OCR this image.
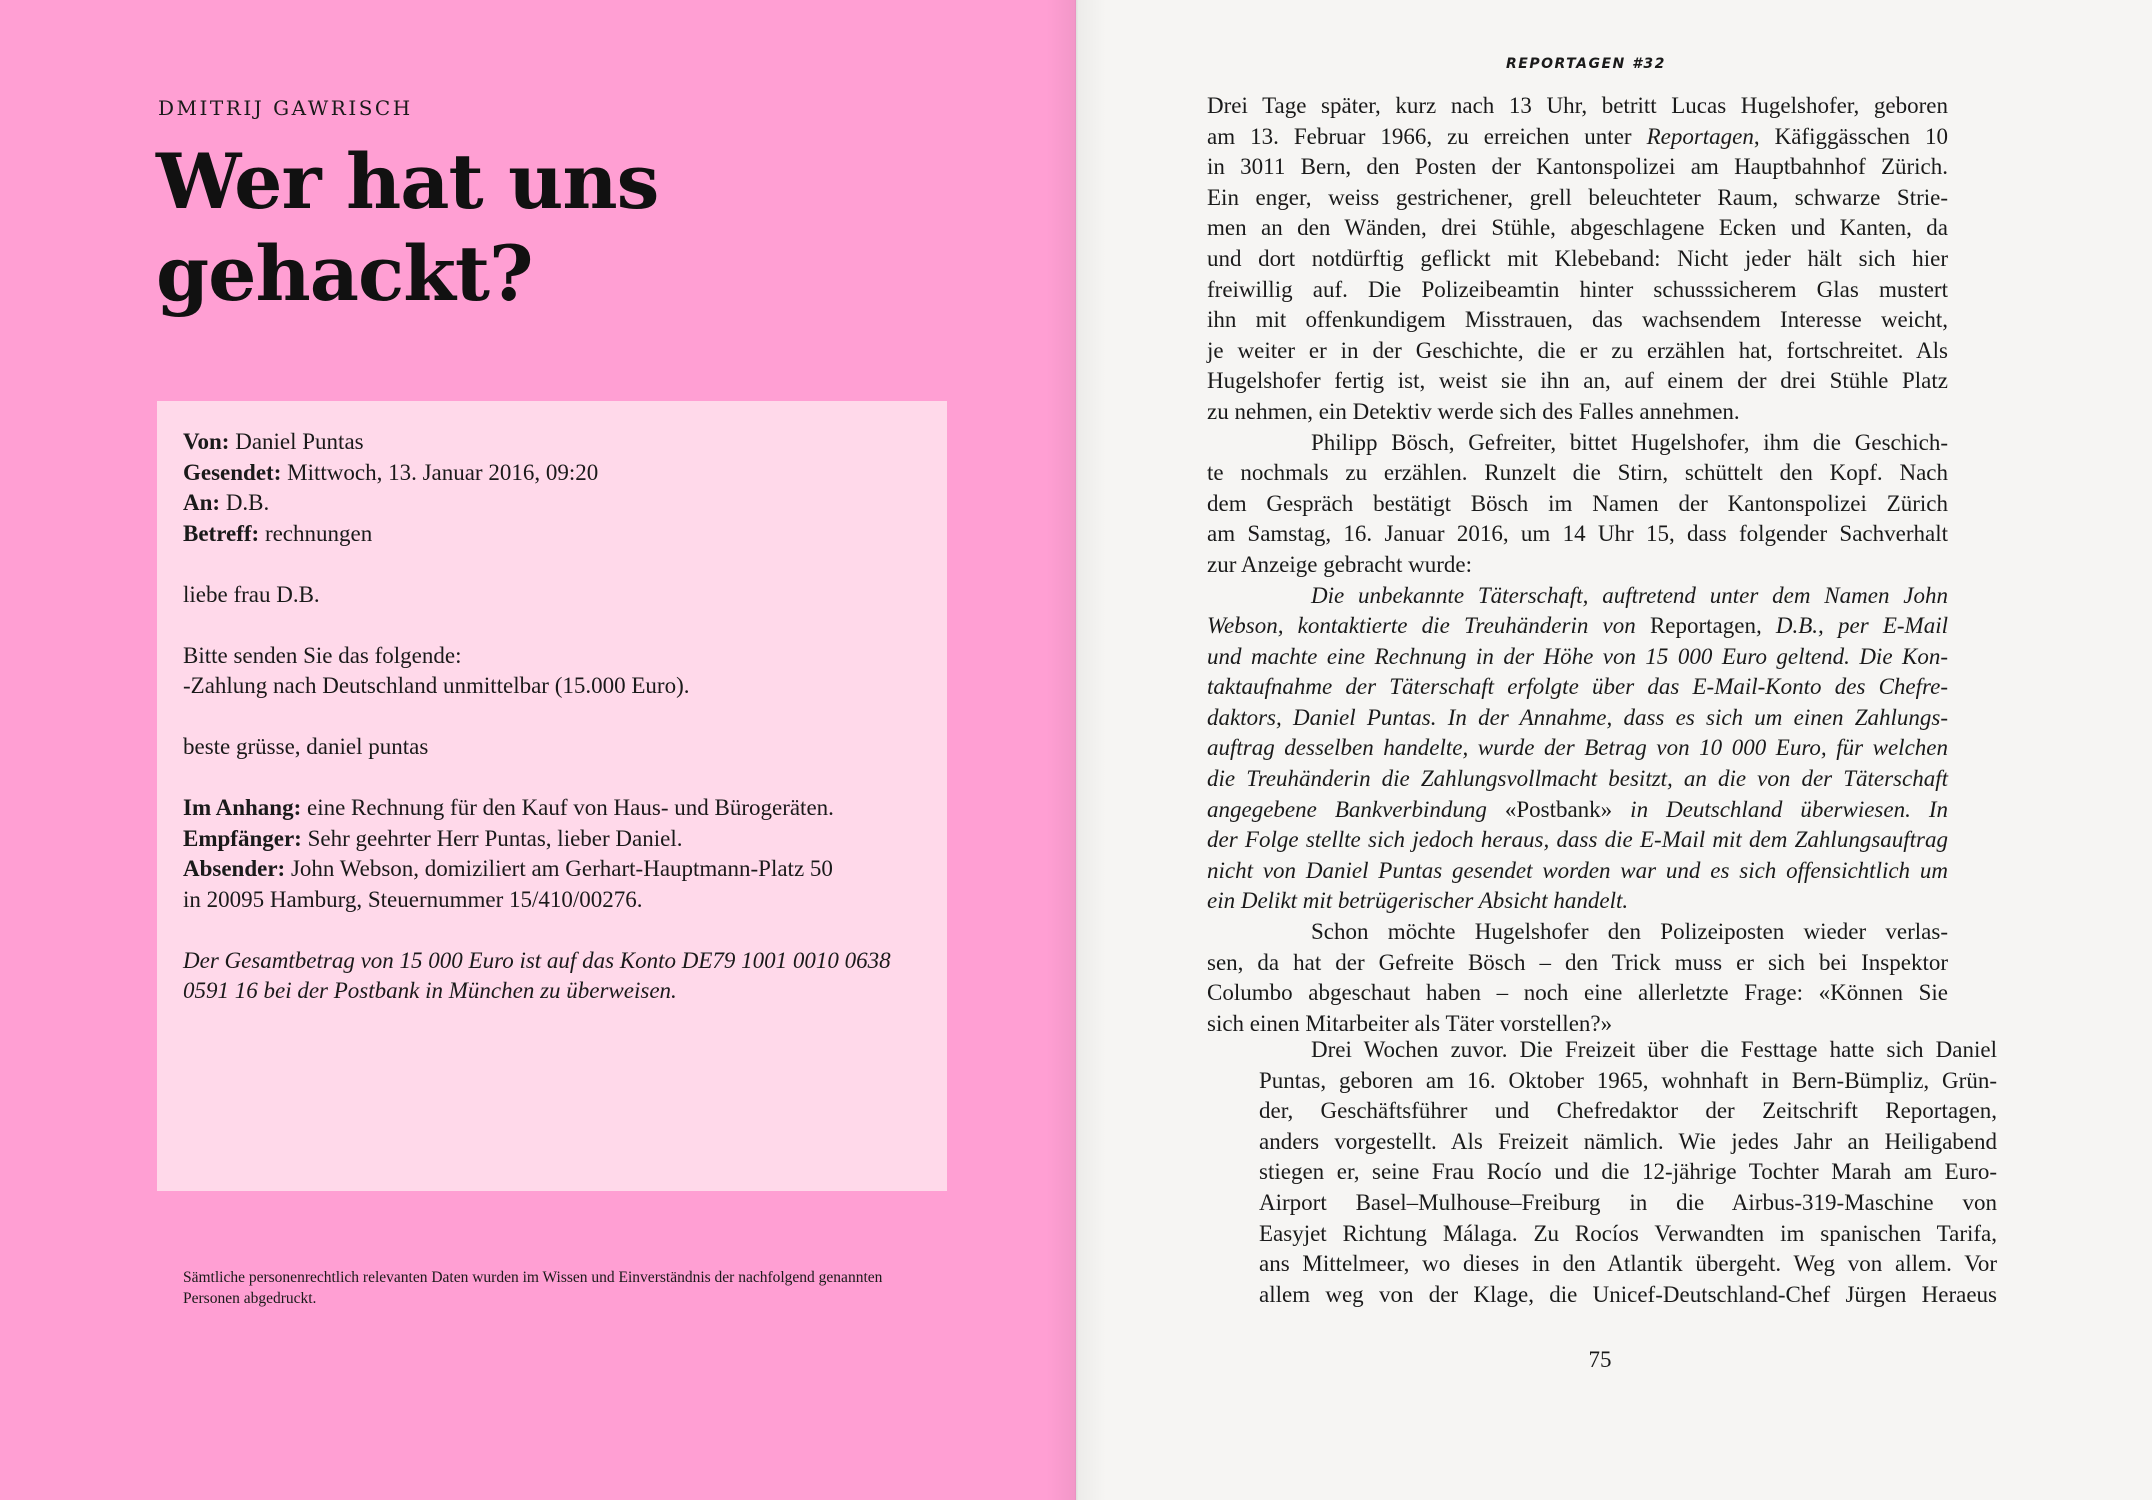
DMITRIJ GAWRISCH
Wer hat uns
gehackt?
Von: Daniel Puntas
Gesendet: Mittwoch, 13. Januar 2016, 09:20
An: D.B.
Betreff: rechnungen
liebe frau D.B.
Bitte senden Sie das folgende:
-Zahlung nach Deutschland unmittelbar (15.000 Euro).
beste grüsse, daniel puntas
Im Anhang: eine Rechnung für den Kauf von Haus- und Bürogeräten.
Empfänger: Sehr geehrter Herr Puntas, lieber Daniel.
Absender: John Webson, domiziliert am Gerhart-Hauptmann-Platz 50
in 20095 Hamburg, Steuernummer 15/410/00276.
Der Gesamtbetrag von 15 000 Euro ist auf das Konto DE79 1001 0010 0638 0591 16 bei der Postbank in München zu überweisen.
Sämtliche personenrechtlich relevanten Daten wurden im Wissen und Einverständnis der nachfolgend genannten Personen abgedruckt.
REPORTAGEN #32
Drei Tage später, kurz nach 13 Uhr, betritt Lucas Hugelshofer, geboren
am 13. Februar 1966, zu erreichen unter Reportagen, Käfiggässchen 10
in 3011 Bern, den Posten der Kantonspolizei am Hauptbahnhof Zürich.
Ein enger, weiss gestrichener, grell beleuchteter Raum, schwarze Strie-
men an den Wänden, drei Stühle, abgeschlagene Ecken und Kanten, da
und dort notdürftig geflickt mit Klebeband: Nicht jeder hält sich hier
freiwillig auf. Die Polizeibeamtin hinter schusssicherem Glas mustert
ihn mit offenkundigem Misstrauen, das wachsendem Interesse weicht,
je weiter er in der Geschichte, die er zu erzählen hat, fortschreitet. Als
Hugelshofer fertig ist, weist sie ihn an, auf einem der drei Stühle Platz
zu nehmen, ein Detektiv werde sich des Falles annehmen.
Philipp Bösch, Gefreiter, bittet Hugelshofer, ihm die Geschich-
te nochmals zu erzählen. Runzelt die Stirn, schüttelt den Kopf. Nach
dem Gespräch bestätigt Bösch im Namen der Kantonspolizei Zürich
am Samstag, 16. Januar 2016, um 14 Uhr 15, dass folgender Sachverhalt
zur Anzeige gebracht wurde:
Die unbekannte Täterschaft, auftretend unter dem Namen John
Webson, kontaktierte die Treuhänderin von Reportagen, D.B., per E-Mail
und machte eine Rechnung in der Höhe von 15 000 Euro geltend. Die Kon-
taktaufnahme der Täterschaft erfolgte über das E-Mail-Konto des Chefre-
daktors, Daniel Puntas. In der Annahme, dass es sich um einen Zahlungs-
auftrag desselben handelte, wurde der Betrag von 10 000 Euro, für welchen
die Treuhänderin die Zahlungsvollmacht besitzt, an die von der Täterschaft
angegebene Bankverbindung «Postbank» in Deutschland überwiesen. In
der Folge stellte sich jedoch heraus, dass die E-Mail mit dem Zahlungsauftrag
nicht von Daniel Puntas gesendet worden war und es sich offensichtlich um
ein Delikt mit betrügerischer Absicht handelt.
Schon möchte Hugelshofer den Polizeiposten wieder verlas-
sen, da hat der Gefreite Bösch – den Trick muss er sich bei Inspektor
Columbo abgeschaut haben – noch eine allerletzte Frage: «Können Sie
sich einen Mitarbeiter als Täter vorstellen?»
Drei Wochen zuvor. Die Freizeit über die Festtage hatte sich Daniel
Puntas, geboren am 16. Oktober 1965, wohnhaft in Bern-Bümpliz, Grün-
der, Geschäftsführer und Chefredaktor der Zeitschrift Reportagen,
anders vorgestellt. Als Freizeit nämlich. Wie jedes Jahr an Heiligabend
stiegen er, seine Frau Rocío und die 12-jährige Tochter Marah am Euro-
Airport Basel–Mulhouse–Freiburg in die Airbus-319-Maschine von
Easyjet Richtung Málaga. Zu Rocíos Verwandten im spanischen Tarifa,
ans Mittelmeer, wo dieses in den Atlantik übergeht. Weg von allem. Vor
allem weg von der Klage, die Unicef-Deutschland-Chef Jürgen Heraeus
75
